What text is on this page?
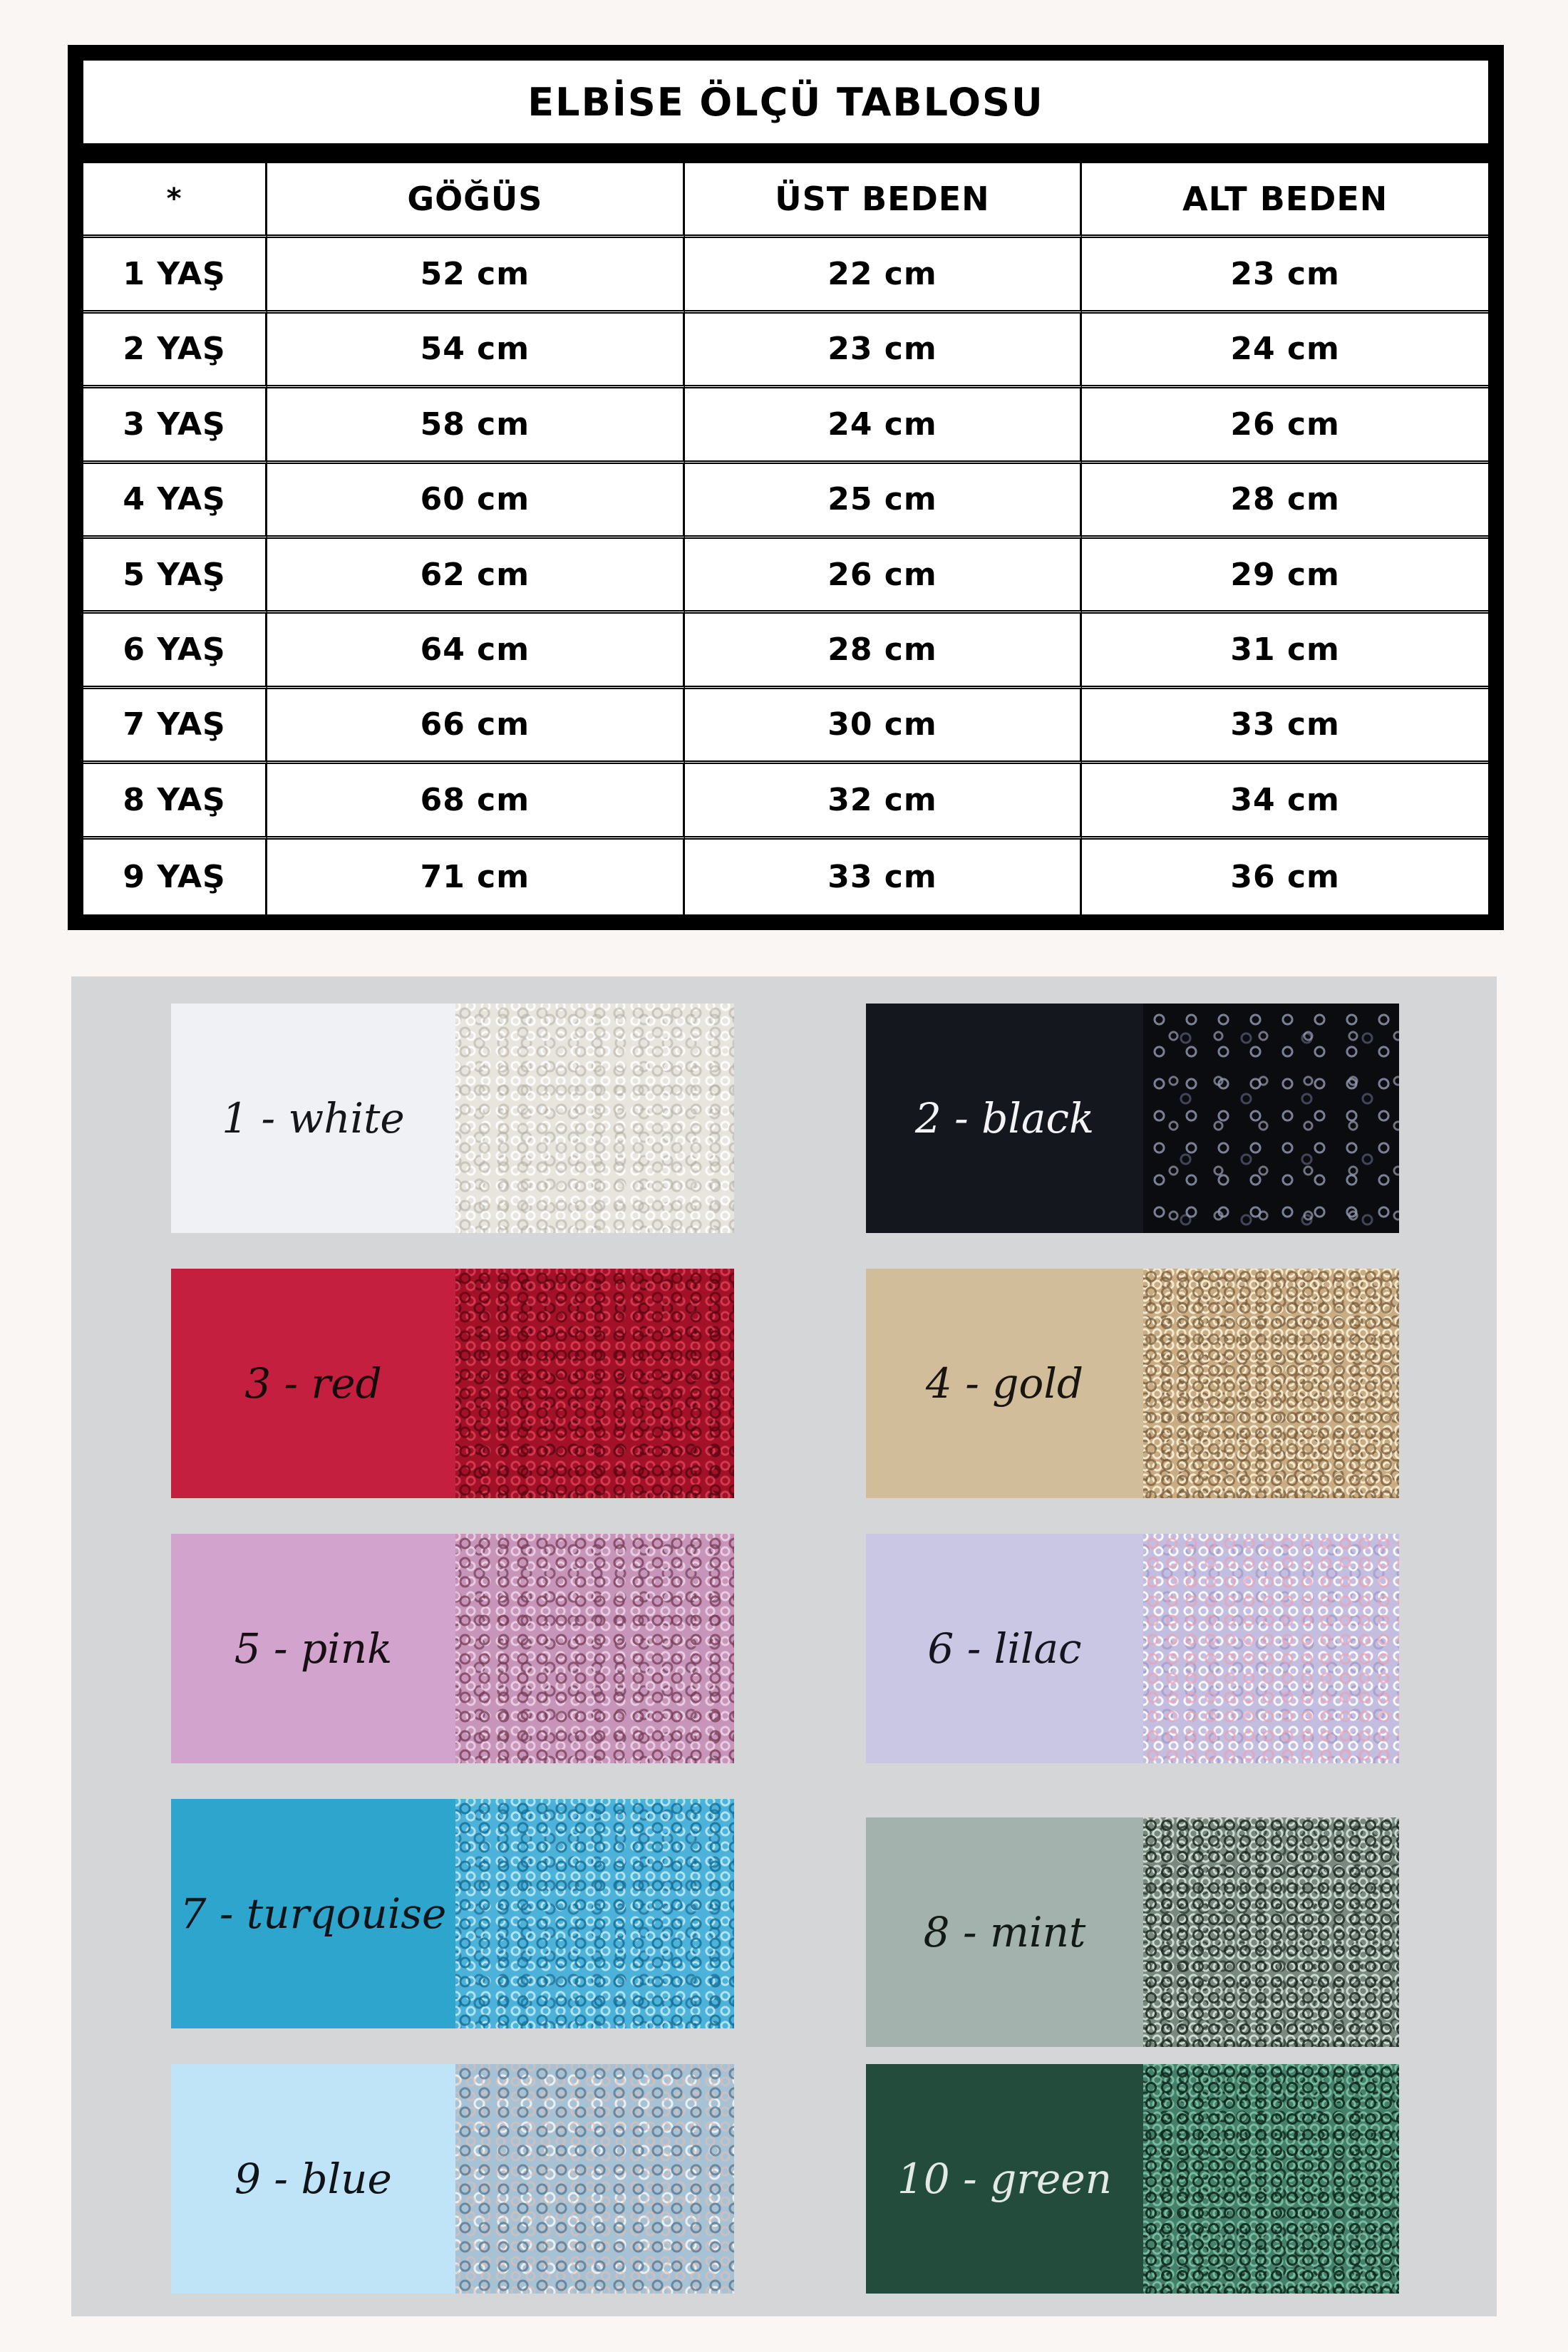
ELBİSE ÖLÇÜ TABLOSU
*	GÖĞÜS	ÜST BEDEN	ALT BEDEN
1 YAŞ	52 cm	22 cm	23 cm
2 YAŞ	54 cm	23 cm	24 cm
3 YAŞ	58 cm	24 cm	26 cm
4 YAŞ	60 cm	25 cm	28 cm
5 YAŞ	62 cm	26 cm	29 cm
6 YAŞ	64 cm	28 cm	31 cm
7 YAŞ	66 cm	30 cm	33 cm
8 YAŞ	68 cm	32 cm	34 cm
9 YAŞ	71 cm	33 cm	36 cm
1 - white	2 - black
3 - red	4 - gold
5 - pink	6 - lilac
7 - turqouise	8 - mint
9 - blue	10 - green
